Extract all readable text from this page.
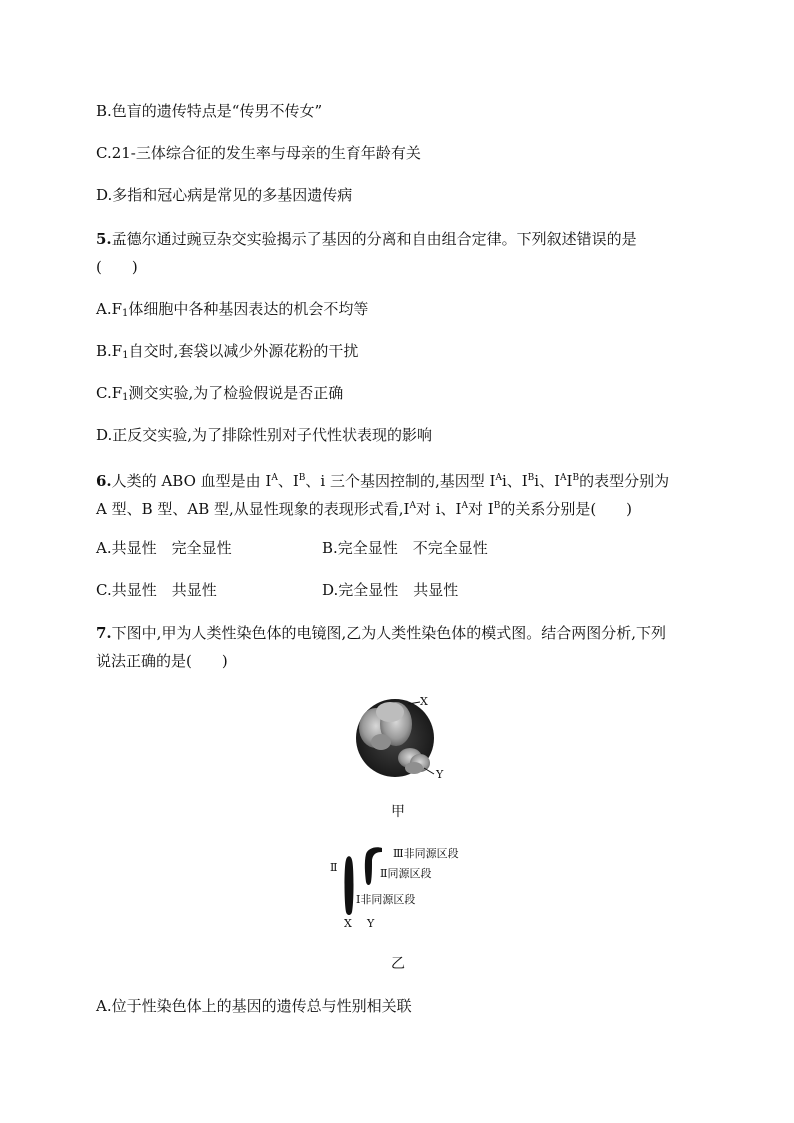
B.色盲的遗传特点是“传男不传女”
C.21-三体综合征的发生率与母亲的生育年龄有关
D.多指和冠心病是常见的多基因遗传病
5.孟德尔通过豌豆杂交实验揭示了基因的分离和自由组合定律。下列叙述错误的是
(　　)
$A.F_1$体细胞中各种基因表达的机会不均等
$B.F_1$自交时,套袋以减少外源花粉的干扰
$C.F_1$测交实验,为了检验假说是否正确
D.正反交实验,为了排除性别对子代性状表现的影响
6.人类的 ABO 血型是由 $I^A$、$I^B$、i 三个基因控制的,基因型 $I^Ai$、$I^Bi$、$I^AI^B$的表型分别为
A 型、B 型、AB 型,从显性现象的表现形式看$,I^A$对 i、$I^A$对 $I^B$的关系分别是(　　)
A.共显性　完全显性	B.完全显性　不完全显性
C.共显性　共显性	D.完全显性　共显性
7.下图中,甲为人类性染色体的电镜图,乙为人类性染色体的模式图。结合两图分析,下列
说法正确的是(　　)
X
Y
甲
Ⅲ非同源区段
Ⅱ同源区段
Ⅱ
Ⅰ非同源区段
X Y
乙
A.位于性染色体上的基因的遗传总与性别相关联
